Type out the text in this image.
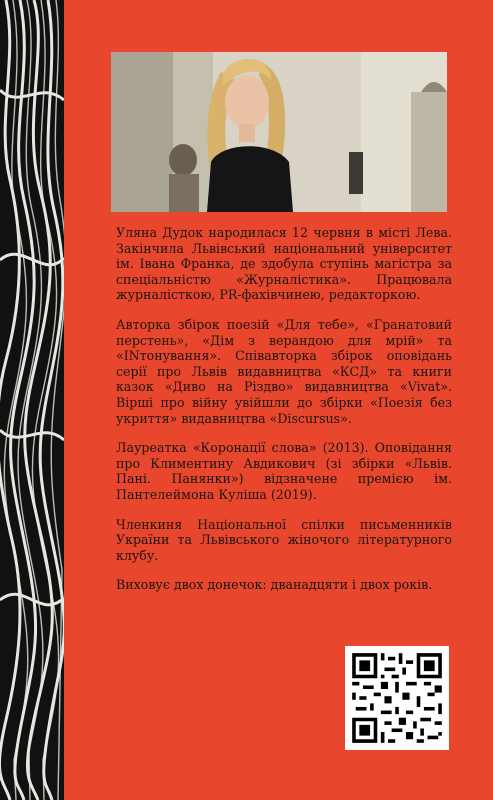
Уляна Дудок народилася 12 червня в місті Лева. Закінчила Львівський національний університет ім. Івана Франка, де здобула ступінь магістра за спеціальністю «Журналістика». Працювала журналісткою, PR-фахівчинею, редакторкою.

Авторка збірок поезій «Для тебе», «Гранатовий перстень», «Дім з верандою для мрій» та «INтонування». Співавторка збірок оповідань серії про Львів видавництва «КСД» та книги казок «Диво на Різдво» видавництва «Vivat». Вірші про війну увійшли до збірки «Поезія без укриття» видавництва «Discursus».

Лауреатка «Коронації слова» (2013). Оповідання про Климентину Авдикович (зі збірки «Львів. Пані. Панянки») відзначене премією ім. Пантелеймона Куліша (2019).

Членкиня Національної спілки письменників України та Львівського жіночого літературного клубу.

Виховує двох донечок: дванадцяти і двох років.
